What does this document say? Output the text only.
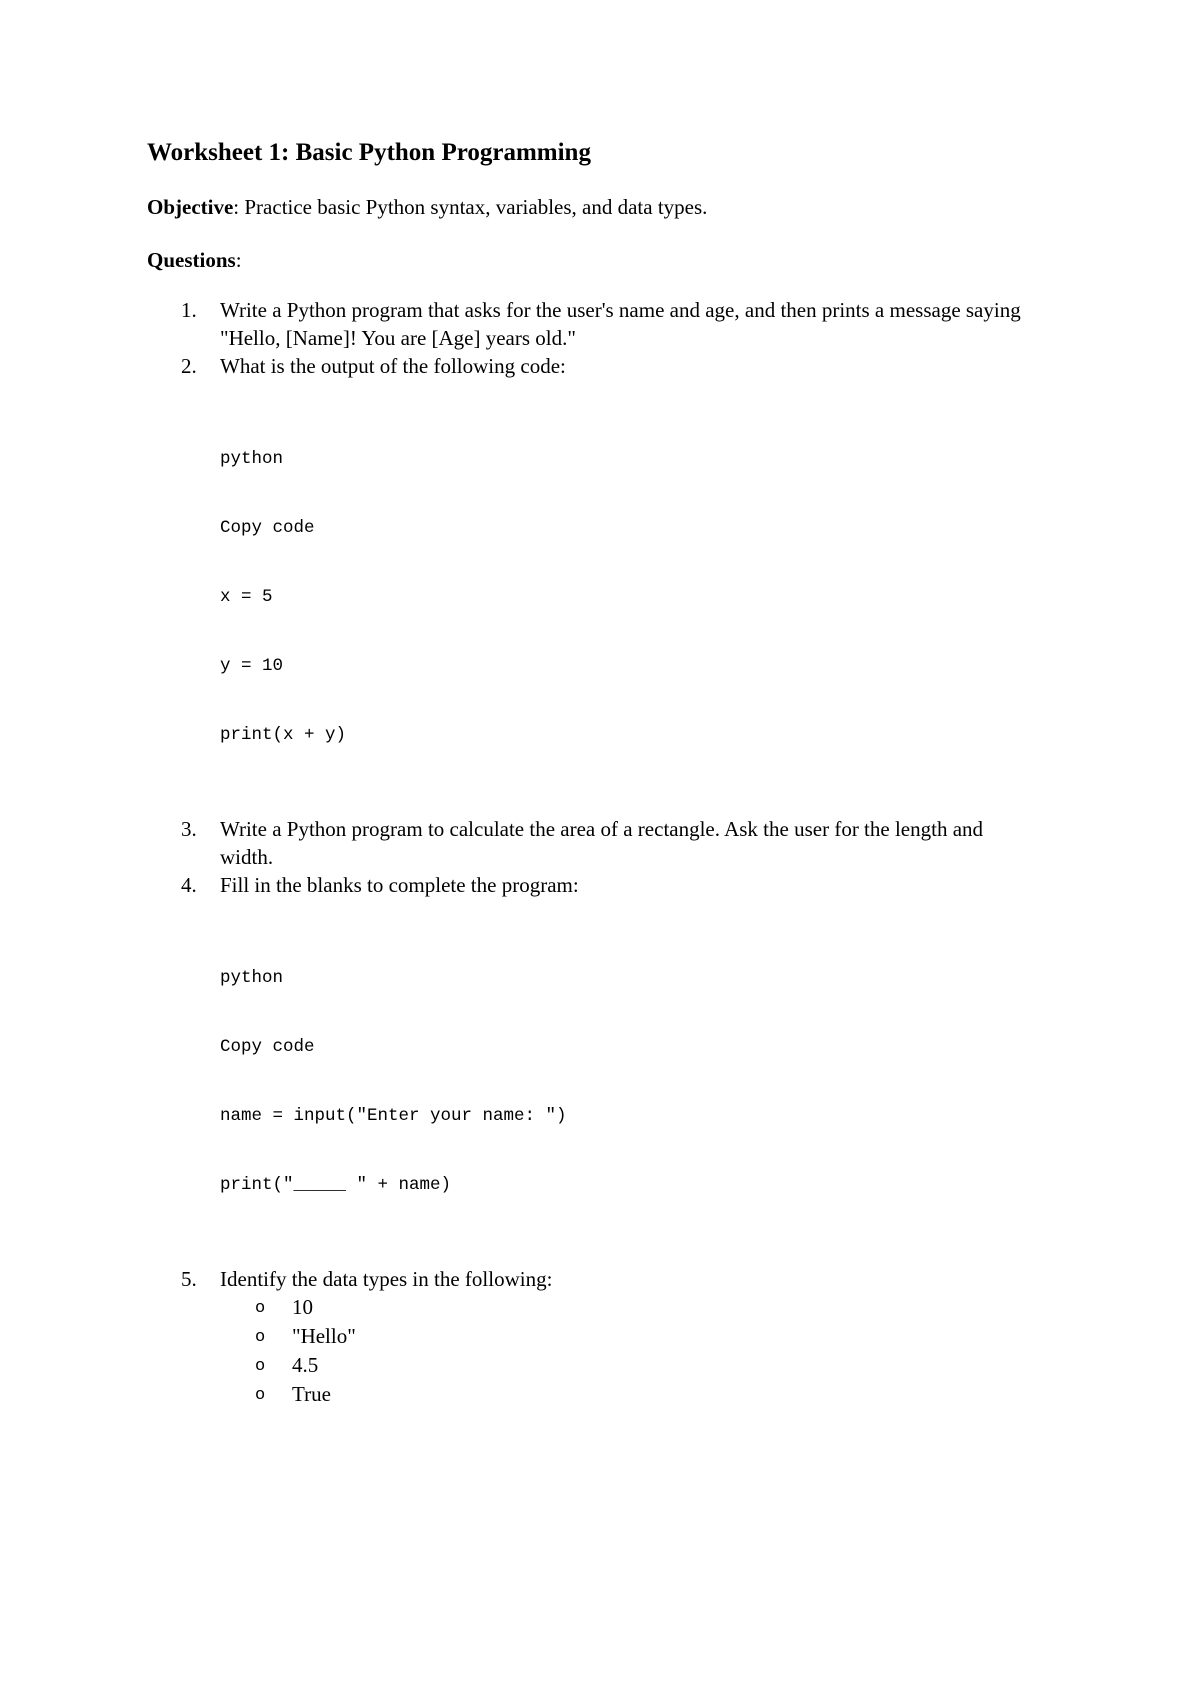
Worksheet 1: Basic Python Programming

Objective: Practice basic Python syntax, variables, and data types.

Questions:

1. Write a Python program that asks for the user's name and age, and then prints a message saying "Hello, [Name]! You are [Age] years old."
2. What is the output of the following code:

python

Copy code

x = 5

y = 10

print(x + y)

3. Write a Python program to calculate the area of a rectangle. Ask the user for the length and width.
4. Fill in the blanks to complete the program:

python

Copy code

name = input("Enter your name: ")

print("_____ " + name)

5. Identify the data types in the following:
o 10
o "Hello"
o 4.5
o True
